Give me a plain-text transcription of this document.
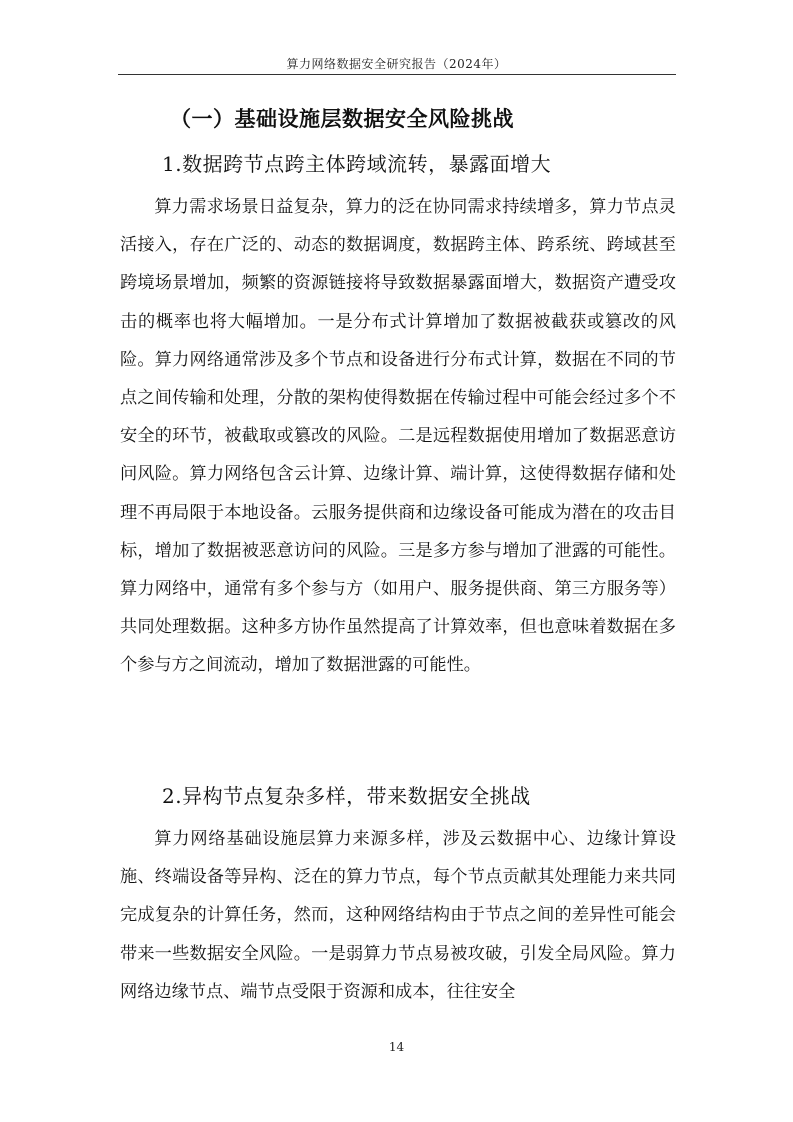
算力网络数据安全研究报告（2024年）
（一）基础设施层数据安全风险挑战
1.数据跨节点跨主体跨域流转，暴露面增大

算力需求场景日益复杂，算力的泛在协同需求持续增多，算力节点灵活接入，存在广泛的、动态的数据调度，数据跨主体、跨系统、跨域甚至跨境场景增加，频繁的资源链接将导致数据暴露面增大，数据资产遭受攻击的概率也将大幅增加。一是分布式计算增加了数据被截获或篡改的风险。算力网络通常涉及多个节点和设备进行分布式计算，数据在不同的节点之间传输和处理，分散的架构使得数据在传输过程中可能会经过多个不安全的环节，被截取或篡改的风险。二是远程数据使用增加了数据恶意访问风险。算力网络包含云计算、边缘计算、端计算，这使得数据存储和处理不再局限于本地设备。云服务提供商和边缘设备可能成为潜在的攻击目标，增加了数据被恶意访问的风险。三是多方参与增加了泄露的可能性。算力网络中，通常有多个参与方（如用户、服务提供商、第三方服务等）共同处理数据。这种多方协作虽然提高了计算效率，但也意味着数据在多个参与方之间流动，增加了数据泄露的可能性。

2.异构节点复杂多样，带来数据安全挑战

算力网络基础设施层算力来源多样，涉及云数据中心、边缘计算设施、终端设备等异构、泛在的算力节点，每个节点贡献其处理能力来共同完成复杂的计算任务，然而，这种网络结构由于节点之间的差异性可能会带来一些数据安全风险。一是弱算力节点易被攻破，引发全局风险。算力网络边缘节点、端节点受限于资源和成本，往往安全

14
